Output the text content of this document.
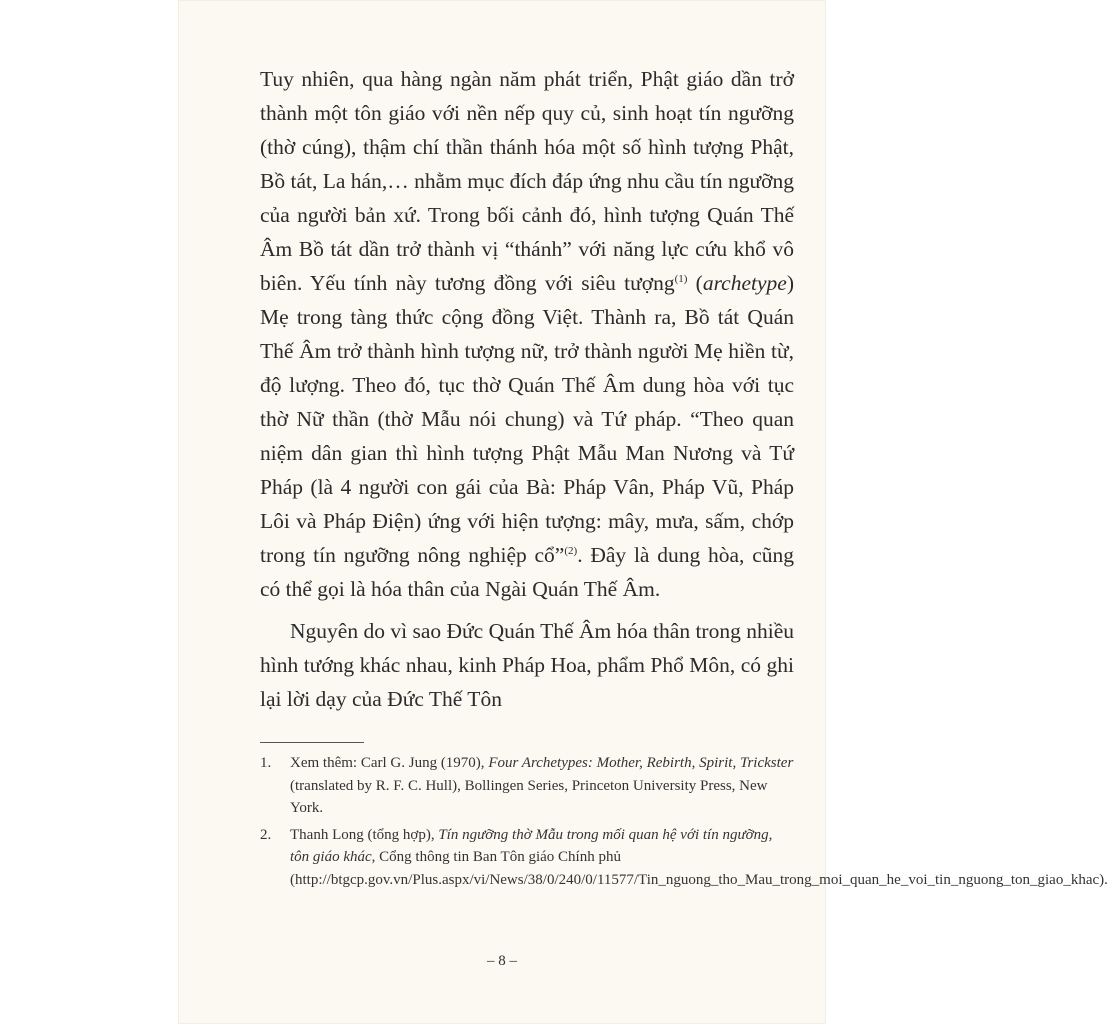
Tuy nhiên, qua hàng ngàn năm phát triển, Phật giáo dần trở thành một tôn giáo với nền nếp quy củ, sinh hoạt tín ngưỡng (thờ cúng), thậm chí thần thánh hóa một số hình tượng Phật, Bồ tát, La hán,… nhằm mục đích đáp ứng nhu cầu tín ngưỡng của người bản xứ. Trong bối cảnh đó, hình tượng Quán Thế Âm Bồ tát dần trở thành vị “thánh” với năng lực cứu khổ vô biên. Yếu tính này tương đồng với siêu tượng$^{(1)}$ (archetype) Mẹ trong tàng thức cộng đồng Việt. Thành ra, Bồ tát Quán Thế Âm trở thành hình tượng nữ, trở thành người Mẹ hiền từ, độ lượng. Theo đó, tục thờ Quán Thế Âm dung hòa với tục thờ Nữ thần (thờ Mẫu nói chung) và Tứ pháp. “Theo quan niệm dân gian thì hình tượng Phật Mẫu Man Nương và Tứ Pháp (là 4 người con gái của Bà: Pháp Vân, Pháp Vũ, Pháp Lôi và Pháp Điện) ứng với hiện tượng: mây, mưa, sấm, chớp trong tín ngưỡng nông nghiệp cổ”$^{(2)}$. Đây là dung hòa, cũng có thể gọi là hóa thân của Ngài Quán Thế Âm.

Nguyên do vì sao Đức Quán Thế Âm hóa thân trong nhiều hình tướng khác nhau, kinh Pháp Hoa, phẩm Phổ Môn, có ghi lại lời dạy của Đức Thế Tôn

1. Xem thêm: Carl G. Jung (1970), Four Archetypes: Mother, Rebirth, Spirit, Trickster (translated by R. F. C. Hull), Bollingen Series, Princeton University Press, New York.
2. Thanh Long (tổng hợp), Tín ngưỡng thờ Mẫu trong mối quan hệ với tín ngưỡng, tôn giáo khác, Cổng thông tin Ban Tôn giáo Chính phủ (http://btgcp.gov.vn/Plus.aspx/vi/News/38/0/240/0/11577/Tin_nguong_tho_Mau_trong_moi_quan_he_voi_tin_nguong_ton_giao_khac).
– 8 –
